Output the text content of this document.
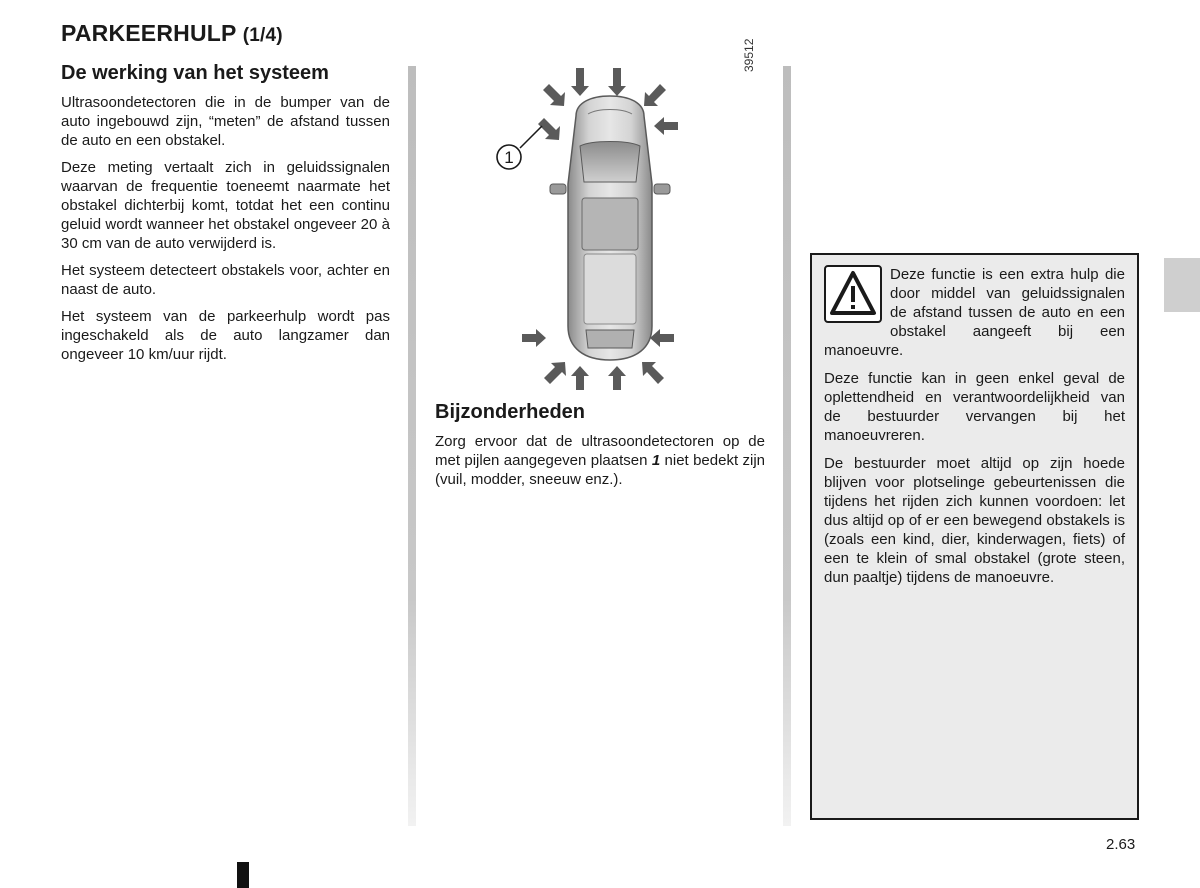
PARKEERHULP (1/4)
De werking van het systeem

Ultrasoondetectoren die in de bumper van de auto ingebouwd zijn, “meten” de afstand tussen de auto en een obstakel.

Deze meting vertaalt zich in geluidssignalen waarvan de frequentie toeneemt naarmate het obstakel dichterbij komt, totdat het een continu geluid wordt wanneer het obstakel ongeveer 20 à 30 cm van de auto verwijderd is.

Het systeem detecteert obstakels voor, achter en naast de auto.

Het systeem van de parkeerhulp wordt pas ingeschakeld als de auto langzamer dan ongeveer 10 km/uur rijdt.

1
39512
Bijzonderheden

Zorg ervoor dat de ultrasoondetectoren op de met pijlen aangegeven plaatsen 1 niet bedekt zijn (vuil, modder, sneeuw enz.).

Deze functie is een extra hulp die door middel van geluidssignalen de afstand tussen de auto en een obstakel aangeeft bij een manoeuvre.

Deze functie kan in geen enkel geval de oplettendheid en verantwoordelijkheid van de bestuurder vervangen bij het manoeuvreren.

De bestuurder moet altijd op zijn hoede blijven voor plotselinge gebeurtenissen die tijdens het rijden zich kunnen voordoen: let dus altijd op of er een bewegend obstakels is (zoals een kind, dier, kinderwagen, fiets) of een te klein of smal obstakel (grote steen, dun paaltje) tijdens de manoeuvre.

2.63
